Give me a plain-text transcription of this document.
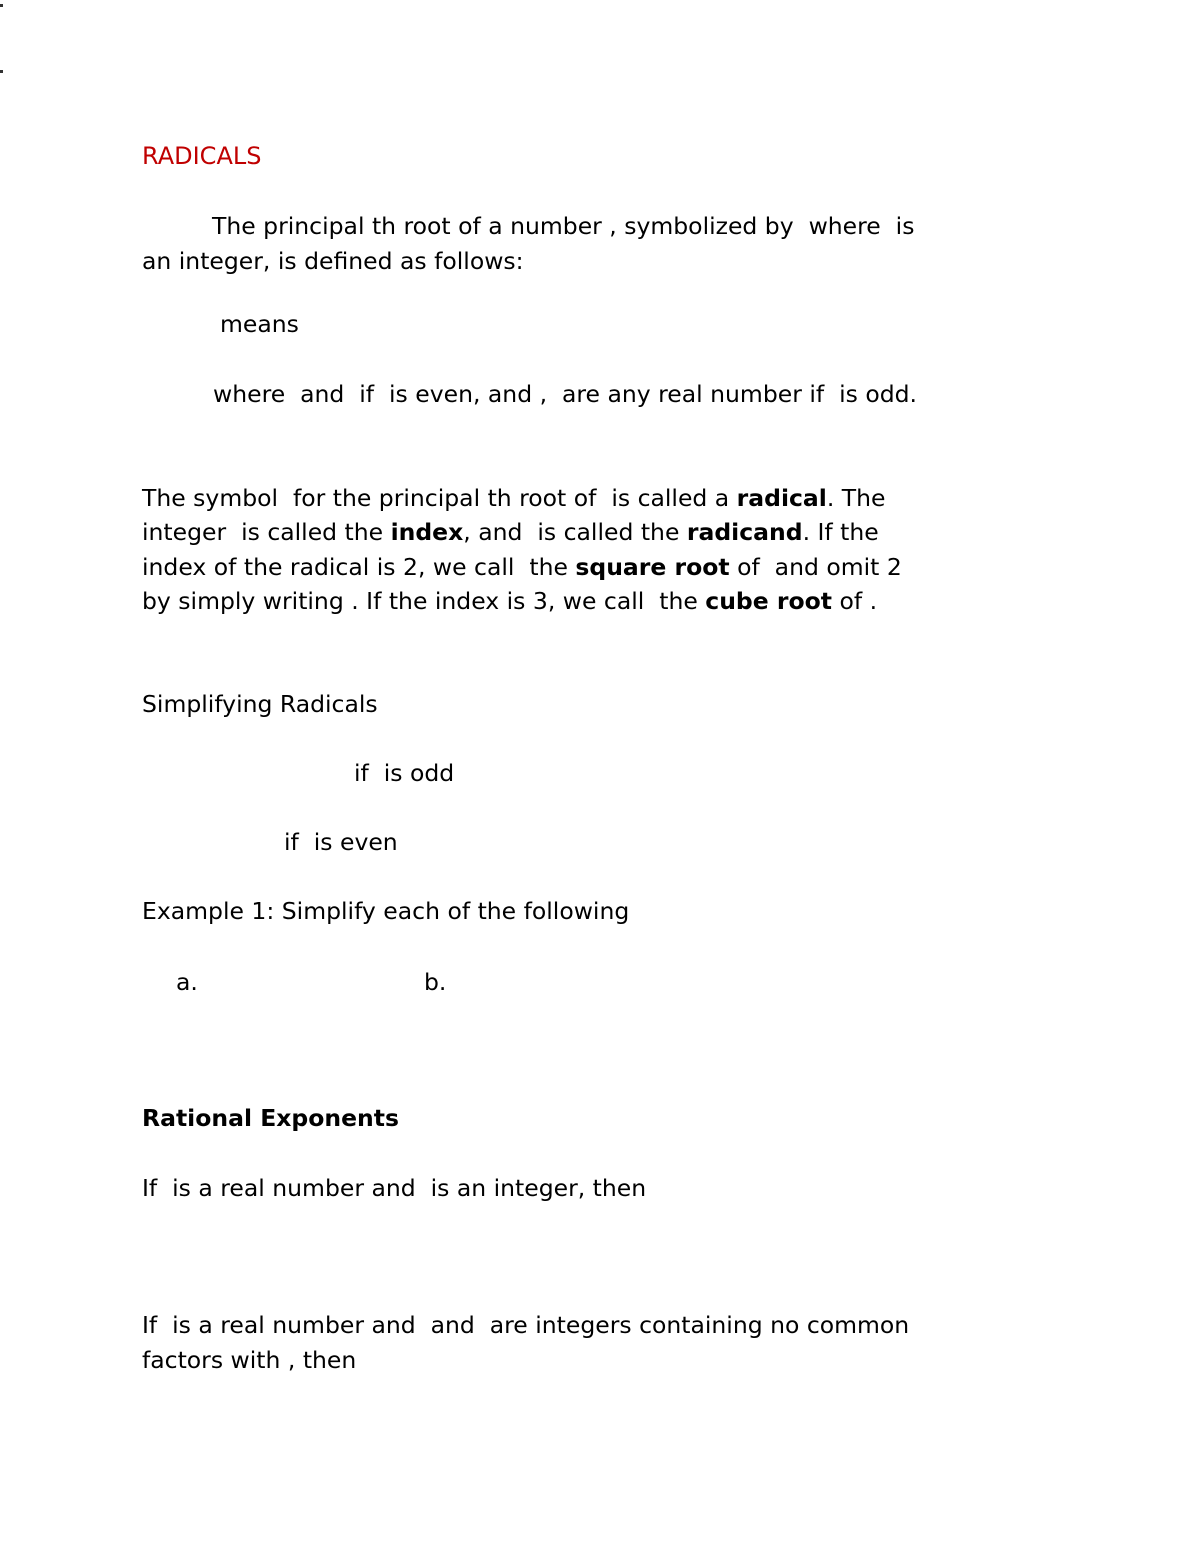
RADICALS

The principal th root of a number , symbolized by  where  is

an integer, is defined as follows:

means

where  and  if  is even, and ,  are any real number if  is odd.

The symbol  for the principal th root of  is called a radical. The

integer  is called the index, and  is called the radicand. If the

index of the radical is 2, we call  the square root of  and omit 2

by simply writing . If the index is 3, we call  the cube root of .

Simplifying Radicals

if  is odd

if  is even

Example 1: Simplify each of the following

a.	b.

Rational Exponents

If  is a real number and  is an integer, then

If  is a real number and  and  are integers containing no common

factors with , then
